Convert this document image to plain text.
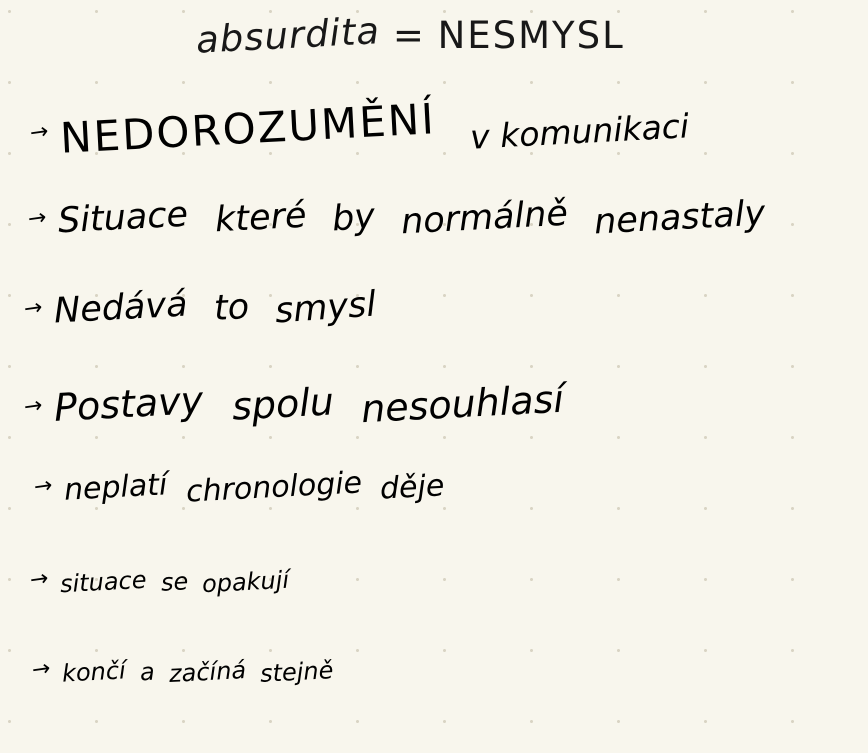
absurdita = NESMYSL
→ NEDOROZUMĚNÍ v komunikaci
→ Situace které by normálně nenastaly
→ Nedává to smysl
→ Postavy spolu nesouhlasí
→ neplatí chronologie děje
→ situace se opakují
→ končí a začíná stejně
